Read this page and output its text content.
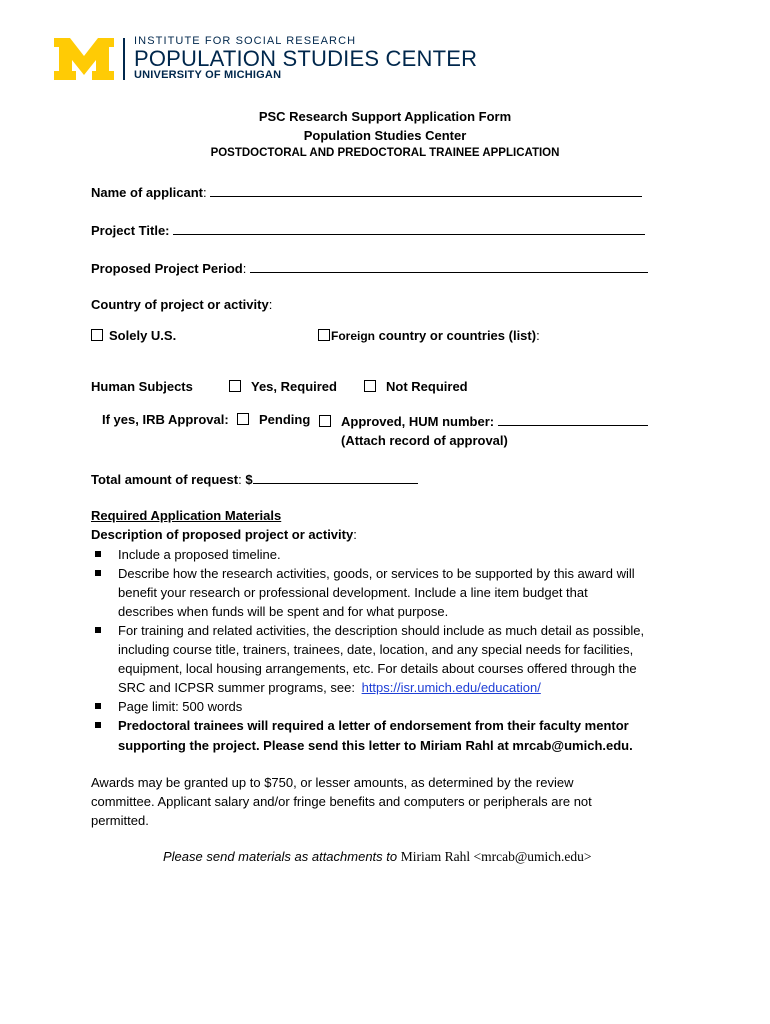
INSTITUTE FOR SOCIAL RESEARCH
POPULATION STUDIES CENTER
UNIVERSITY OF MICHIGAN
PSC Research Support Application Form
Population Studies Center
POSTDOCTORAL AND PREDOCTORAL TRAINEE APPLICATION
Name of applicant:
Project Title:
Proposed Project Period:
Country of project or activity:
Solely U.S.	Foreign country or countries (list):
Human Subjects	Yes, Required	Not Required
If yes, IRB Approval:	Pending	Approved, HUM number:
(Attach record of approval)
Total amount of request: $
Required Application Materials
Description of proposed project or activity:
Include a proposed timeline.
Describe how the research activities, goods, or services to be supported by this award will
benefit your research or professional development. Include a line item budget that
describes when funds will be spent and for what purpose.
For training and related activities, the description should include as much detail as possible,
including course title, trainers, trainees, date, location, and any special needs for facilities,
equipment, local housing arrangements, etc. For details about courses offered through the
SRC and ICPSR summer programs, see: https://isr.umich.edu/education/
Page limit: 500 words
Predoctoral trainees will required a letter of endorsement from their faculty mentor
supporting the project. Please send this letter to Miriam Rahl at mrcab@umich.edu.
Awards may be granted up to $750, or lesser amounts, as determined by the review
committee. Applicant salary and/or fringe benefits and computers or peripherals are not
permitted.
Please send materials as attachments to Miriam Rahl <mrcab@umich.edu>
